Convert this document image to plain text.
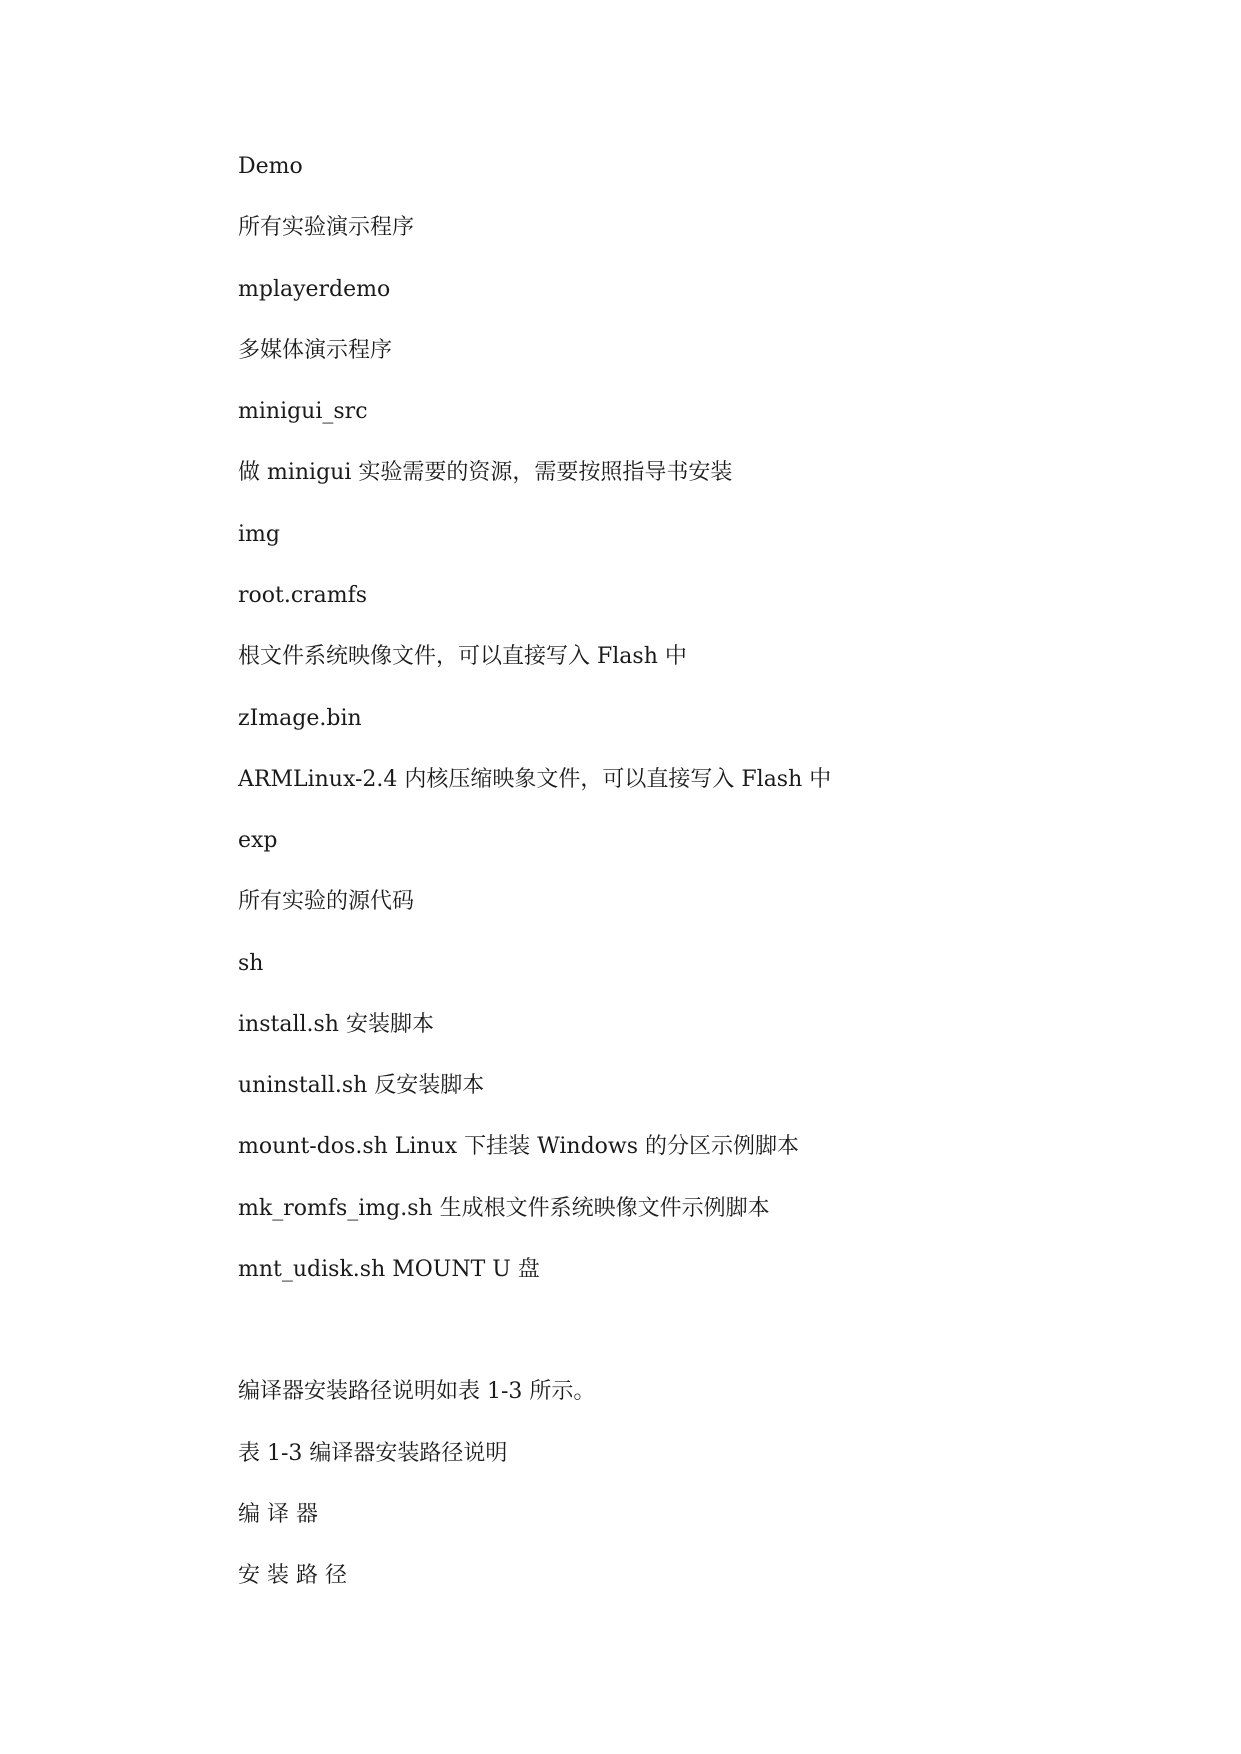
Demo
所有实验演示程序
mplayerdemo
多媒体演示程序
minigui_src
做 minigui 实验需要的资源，需要按照指导书安装
img
root.cramfs
根文件系统映像文件，可以直接写入 Flash 中
zImage.bin
ARMLinux-2.4 内核压缩映象文件，可以直接写入 Flash 中
exp
所有实验的源代码
sh
install.sh 安装脚本
uninstall.sh 反安装脚本
mount-dos.sh Linux 下挂装 Windows 的分区示例脚本
mk_romfs_img.sh 生成根文件系统映像文件示例脚本
mnt_udisk.sh MOUNT U 盘
编译器安装路径说明如表 1-3 所示。
表 1-3 编译器安装路径说明
编 译 器
安 装 路 径
